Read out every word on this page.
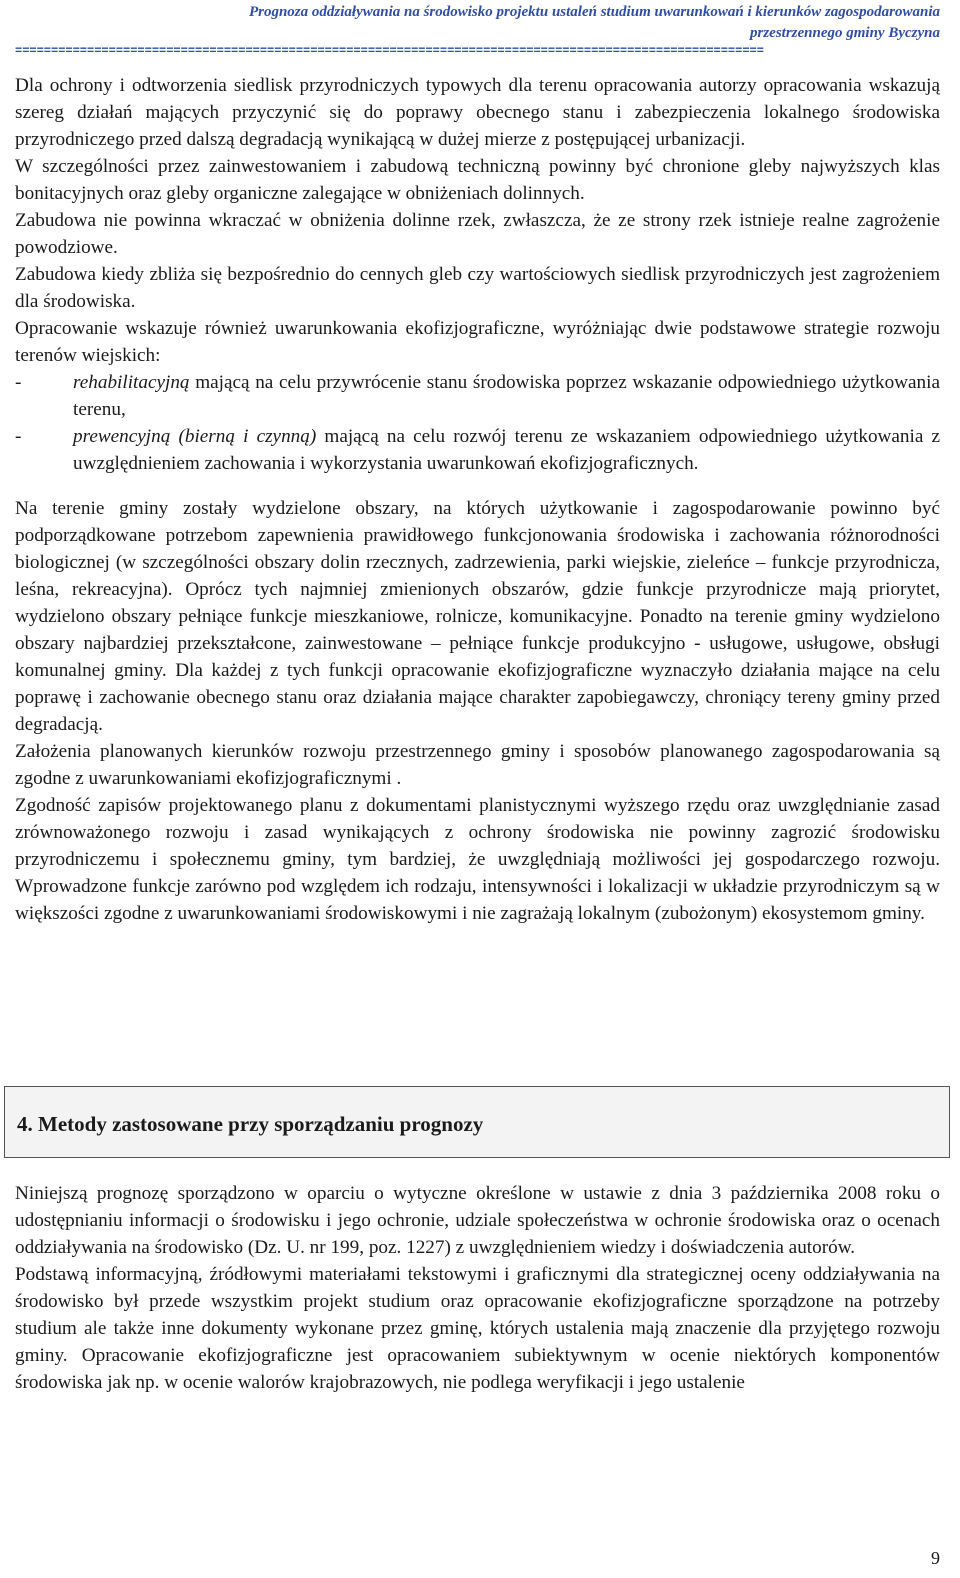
Prognoza oddziaływania na środowisko projektu ustaleń studium uwarunkowań i kierunków zagospodarowania
przestrzennego gminy Byczyna
========================================================================================================

Dla ochrony i odtworzenia siedlisk przyrodniczych typowych dla terenu opracowania autorzy opracowania wskazują szereg działań mających przyczynić się do poprawy obecnego stanu i zabezpieczenia lokalnego środowiska przyrodniczego przed dalszą degradacją wynikającą w dużej mierze z postępującej urbanizacji.

W szczególności przez zainwestowaniem i zabudową techniczną powinny być chronione gleby najwyższych klas bonitacyjnych oraz gleby organiczne zalegające w obniżeniach dolinnych.

Zabudowa nie powinna wkraczać w obniżenia dolinne rzek, zwłaszcza, że ze strony rzek istnieje realne zagrożenie powodziowe.

Zabudowa kiedy zbliża się bezpośrednio do cennych gleb czy wartościowych siedlisk przyrodniczych jest zagrożeniem dla środowiska.

Opracowanie wskazuje również uwarunkowania ekofizjograficzne, wyróżniając dwie podstawowe strategie rozwoju terenów wiejskich:

-	rehabilitacyjną mającą na celu przywrócenie stanu środowiska poprzez wskazanie odpowiedniego użytkowania terenu,
-	prewencyjną (bierną i czynną) mającą na celu rozwój terenu ze wskazaniem odpowiedniego użytkowania z uwzględnieniem zachowania i wykorzystania uwarunkowań ekofizjograficznych.

Na terenie gminy zostały wydzielone obszary, na których użytkowanie i zagospodarowanie powinno być podporządkowane potrzebom zapewnienia prawidłowego funkcjonowania środowiska i zachowania różnorodności biologicznej (w szczególności obszary dolin rzecznych, zadrzewienia, parki wiejskie, zieleńce – funkcje przyrodnicza, leśna, rekreacyjna). Oprócz tych najmniej zmienionych obszarów, gdzie funkcje przyrodnicze mają priorytet, wydzielono obszary pełniące funkcje mieszkaniowe, rolnicze, komunikacyjne. Ponadto na terenie gminy wydzielono obszary najbardziej przekształcone, zainwestowane – pełniące funkcje produkcyjno - usługowe, usługowe, obsługi komunalnej gminy. Dla każdej z tych funkcji opracowanie ekofizjograficzne wyznaczyło działania mające na celu poprawę i zachowanie obecnego stanu oraz działania mające charakter zapobiegawczy, chroniący tereny gminy przed degradacją.

Założenia planowanych kierunków rozwoju przestrzennego gminy i sposobów planowanego zagospodarowania są zgodne z uwarunkowaniami ekofizjograficznymi .

Zgodność zapisów projektowanego planu z dokumentami planistycznymi wyższego rzędu oraz uwzględnianie zasad zrównoważonego rozwoju i zasad wynikających z ochrony środowiska nie powinny zagrozić środowisku przyrodniczemu i społecznemu gminy, tym bardziej, że uwzględniają możliwości jej gospodarczego rozwoju. Wprowadzone funkcje zarówno pod względem ich rodzaju, intensywności i lokalizacji w układzie przyrodniczym są w większości zgodne z uwarunkowaniami środowiskowymi i nie zagrażają lokalnym (zubożonym) ekosystemom gminy.

4. Metody zastosowane przy sporządzaniu prognozy

Niniejszą prognozę sporządzono w oparciu o wytyczne określone w ustawie z dnia 3 października 2008 roku o udostępnianiu informacji o środowisku i jego ochronie, udziale społeczeństwa w ochronie środowiska oraz o ocenach oddziaływania na środowisko (Dz. U. nr 199, poz. 1227) z uwzględnieniem wiedzy i doświadczenia autorów.

Podstawą informacyjną, źródłowymi materiałami tekstowymi i graficznymi dla strategicznej oceny oddziaływania na środowisko był przede wszystkim projekt studium oraz opracowanie ekofizjograficzne sporządzone na potrzeby studium ale także inne dokumenty wykonane przez gminę, których ustalenia mają znaczenie dla przyjętego rozwoju gminy. Opracowanie ekofizjograficzne jest opracowaniem subiektywnym w ocenie niektórych komponentów środowiska jak np. w ocenie walorów krajobrazowych, nie podlega weryfikacji i jego ustalenie

9
